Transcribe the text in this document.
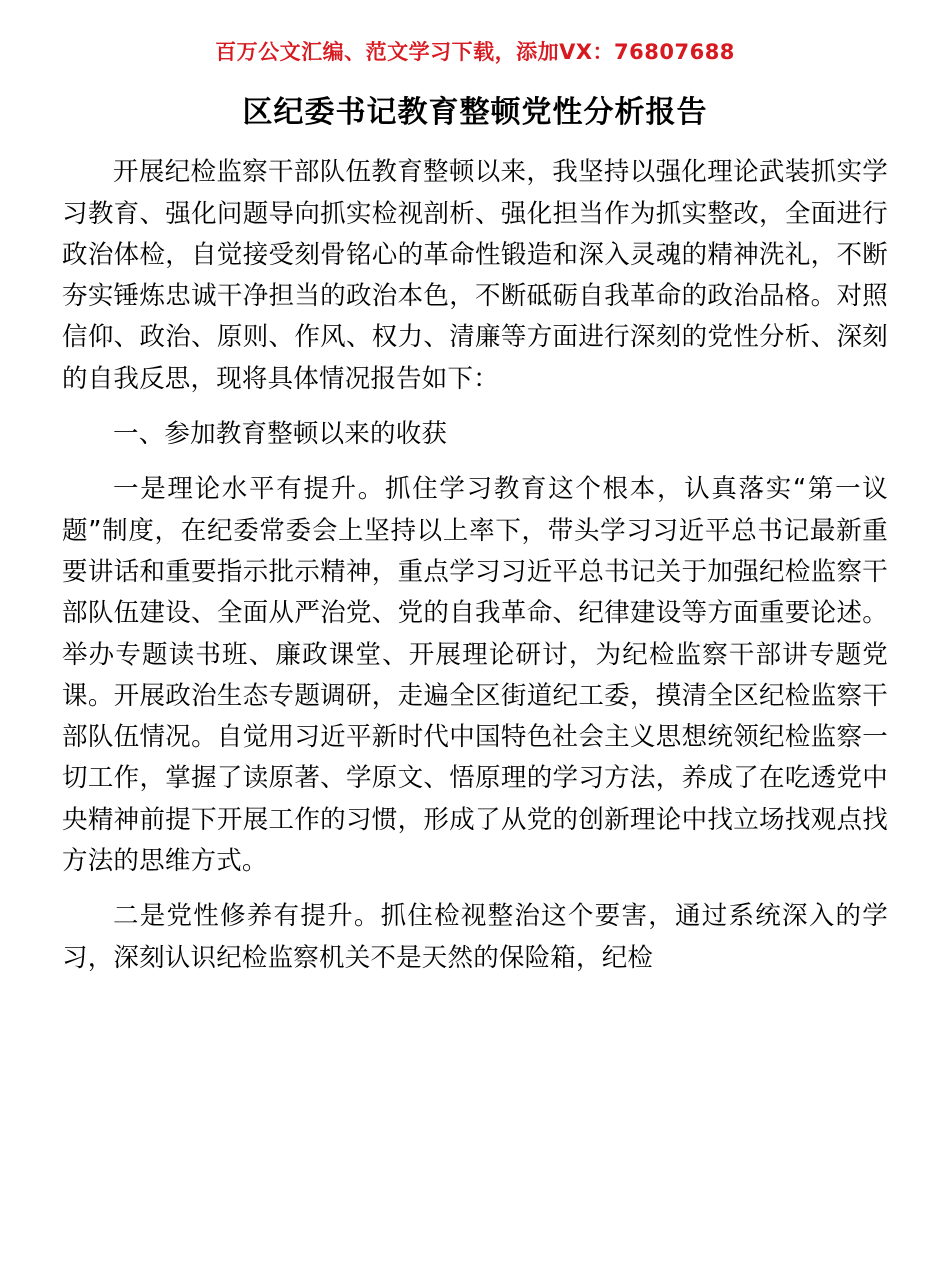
百万公文汇编、范文学习下载，添加VX：76807688
区纪委书记教育整顿党性分析报告

开展纪检监察干部队伍教育整顿以来，我坚持以强化理论武装抓实学习教育、强化问题导向抓实检视剖析、强化担当作为抓实整改，全面进行政治体检，自觉接受刻骨铭心的革命性锻造和深入灵魂的精神洗礼，不断夯实锤炼忠诚干净担当的政治本色，不断砥砺自我革命的政治品格。对照信仰、政治、原则、作风、权力、清廉等方面进行深刻的党性分析、深刻的自我反思，现将具体情况报告如下：

一、参加教育整顿以来的收获

一是理论水平有提升。抓住学习教育这个根本，认真落实“第一议题”制度，在纪委常委会上坚持以上率下，带头学习习近平总书记最新重要讲话和重要指示批示精神，重点学习习近平总书记关于加强纪检监察干部队伍建设、全面从严治党、党的自我革命、纪律建设等方面重要论述。举办专题读书班、廉政课堂、开展理论研讨，为纪检监察干部讲专题党课。开展政治生态专题调研，走遍全区街道纪工委，摸清全区纪检监察干部队伍情况。自觉用习近平新时代中国特色社会主义思想统领纪检监察一切工作，掌握了读原著、学原文、悟原理的学习方法，养成了在吃透党中央精神前提下开展工作的习惯，形成了从党的创新理论中找立场找观点找方法的思维方式。

二是党性修养有提升。抓住检视整治这个要害，通过系统深入的学习，深刻认识纪检监察机关不是天然的保险箱，纪检
